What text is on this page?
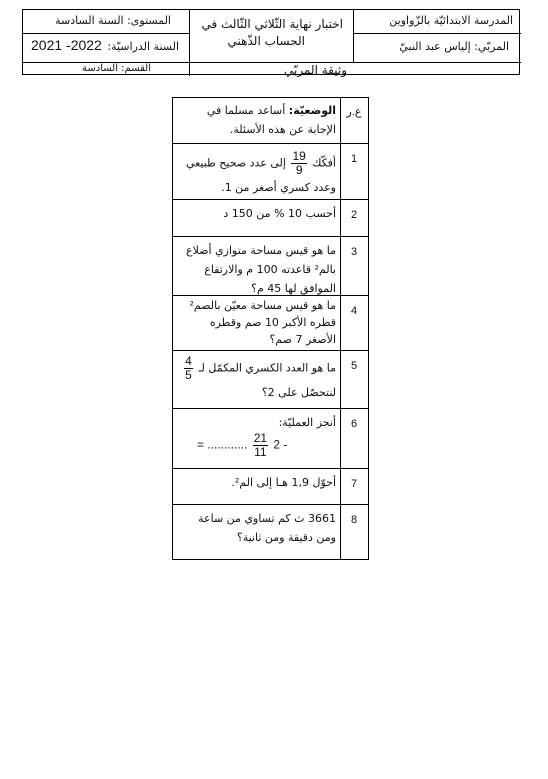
المدرسة الابتدائيّة بالزّواوين
المربّي: إلياس عبد النبيّ
اختبار نهاية الثّلاثي الثّالث في
الحساب الذّهني
المستوى: السنة السادسة
السنة الدراسيّة:
2021 -2022
وثيقة المربّي
القسم: السادسة
ع.ر
الوضعيّة: أساعد مسلما في الإجابة عن هذه الأسئلة.
1
أفكّك
$\frac{19}{9}$
إلى عدد صحيح طبيعي وعدد كسري أصغر من 1.
2
أحسب 10 % من 150 د
3
ما هو قيس مساحة متوازي أضلاع بالم² قاعدته 100 م والارتفاع الموافق لها 45 م؟
4
ما هو قيس مساحة معيّن بالصم² قطره الأكبر 10 صم وقطره الأصغر 7 صم؟
5
ما هو العدد الكسري المكمّل لـ
$\frac{4}{5}$
لنتحصّل على 2؟
6
أنجز العمليّة:
= ............ $\frac{21}{11} 2$ -
7
أحوّل 1,9 هـا إلى الم².
8
3661 ث كم تساوي من ساعة ومن دقيقة ومن ثانية؟
